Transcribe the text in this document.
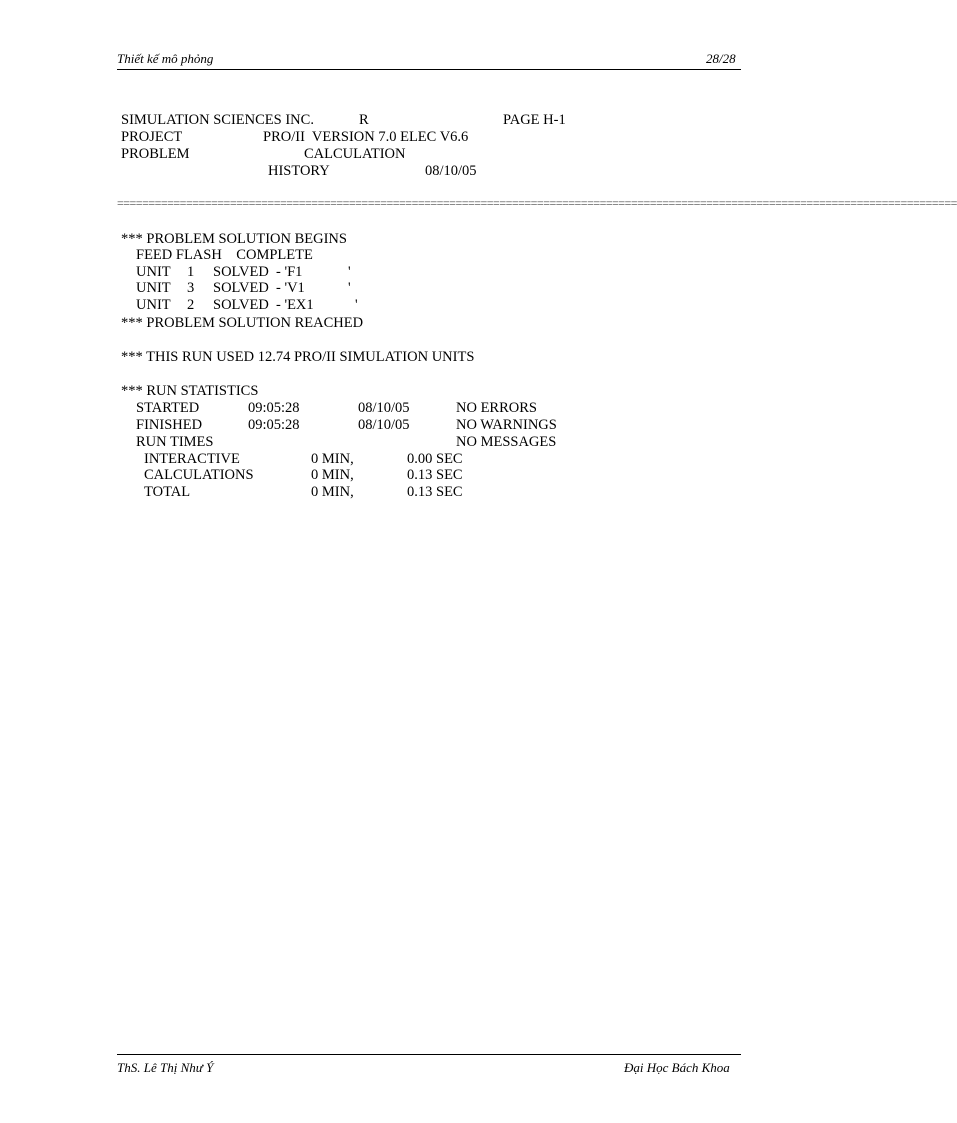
Thiết kế mô phỏng	28/28
SIMULATION SCIENCES INC.	R	PAGE H-1
PROJECT	PRO/II  VERSION 7.0 ELEC V6.6
PROBLEM	CALCULATION
HISTORY	08/10/05
======================================================================================================================================
*** PROBLEM SOLUTION BEGINS
FEED FLASH    COMPLETE
UNIT 1 SOLVED - 'F1	'
UNIT 3 SOLVED - 'V1	'
UNIT 2 SOLVED - 'EX1	'
*** PROBLEM SOLUTION REACHED
*** THIS RUN USED 12.74 PRO/II SIMULATION UNITS
*** RUN STATISTICS
STARTED	09:05:28	08/10/05	NO ERRORS
FINISHED	09:05:28	08/10/05	NO WARNINGS
RUN TIMES	NO MESSAGES
INTERACTIVE	0 MIN,	0.00 SEC
CALCULATIONS	0 MIN,	0.13 SEC
TOTAL	0 MIN,	0.13 SEC
ThS. Lê Thị Như Ý	Đại Học Bách Khoa
